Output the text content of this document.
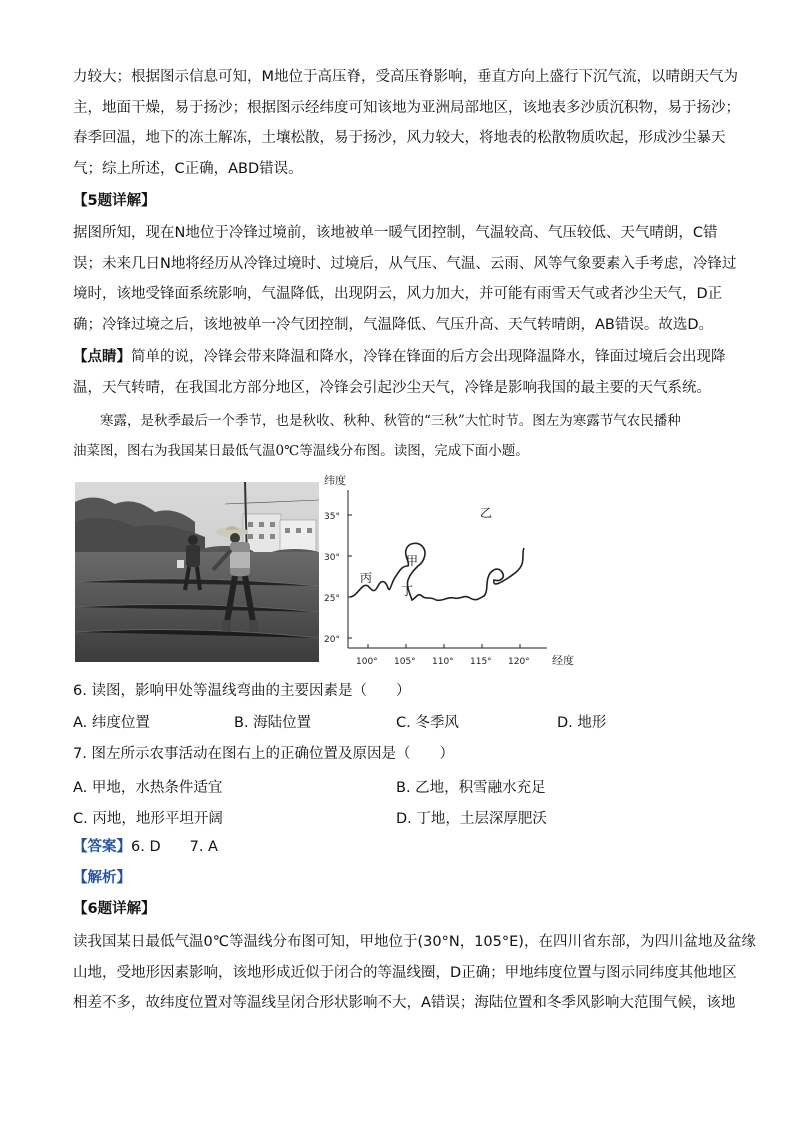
力较大；根据图示信息可知，M地位于高压脊，受高压脊影响，垂直方向上盛行下沉气流，以晴朗天气为
主，地面干燥，易于扬沙；根据图示经纬度可知该地为亚洲局部地区，该地表多沙质沉积物，易于扬沙；
春季回温，地下的冻土解冻，土壤松散，易于扬沙，风力较大，将地表的松散物质吹起，形成沙尘暴天
气；综上所述，C正确，ABD错误。
【5题详解】
据图所知，现在N地位于冷锋过境前，该地被单一暖气团控制，气温较高、气压较低、天气晴朗，C错
误；未来几日N地将经历从冷锋过境时、过境后，从气压、气温、云雨、风等气象要素入手考虑，冷锋过
境时，该地受锋面系统影响，气温降低，出现阴云，风力加大，并可能有雨雪天气或者沙尘天气，D正
确；冷锋过境之后，该地被单一冷气团控制，气温降低、气压升高、天气转晴朗，AB错误。故选D。
【点睛】简单的说，冷锋会带来降温和降水，冷锋在锋面的后方会出现降温降水，锋面过境后会出现降
温，天气转晴，在我国北方部分地区，冷锋会引起沙尘天气，冷锋是影响我国的最主要的天气系统。
寒露，是秋季最后一个季节，也是秋收、秋种、秋管的“三秋”大忙时节。图左为寒露节气农民播种
油菜图，图右为我国某日最低气温0℃等温线分布图。读图，完成下面小题。
纬度
经度
20°
25°
30°
35°
100° 105° 110° 115° 120°
乙
丙
甲
丁
6. 读图，影响甲处等温线弯曲的主要因素是（　　）
A. 纬度位置	B. 海陆位置	C. 冬季风	D. 地形
7. 图左所示农事活动在图右上的正确位置及原因是（　　）
A. 甲地，水热条件适宜	B. 乙地，积雪融水充足
C. 丙地，地形平坦开阔	D. 丁地，土层深厚肥沃
【答案】6. D　　7. A
【解析】
【6题详解】
读我国某日最低气温0℃等温线分布图可知，甲地位于(30°N，105°E)，在四川省东部，为四川盆地及盆缘
山地，受地形因素影响，该地形成近似于闭合的等温线圈，D正确；甲地纬度位置与图示同纬度其他地区
相差不多，故纬度位置对等温线呈闭合形状影响不大，A错误；海陆位置和冬季风影响大范围气候，该地
